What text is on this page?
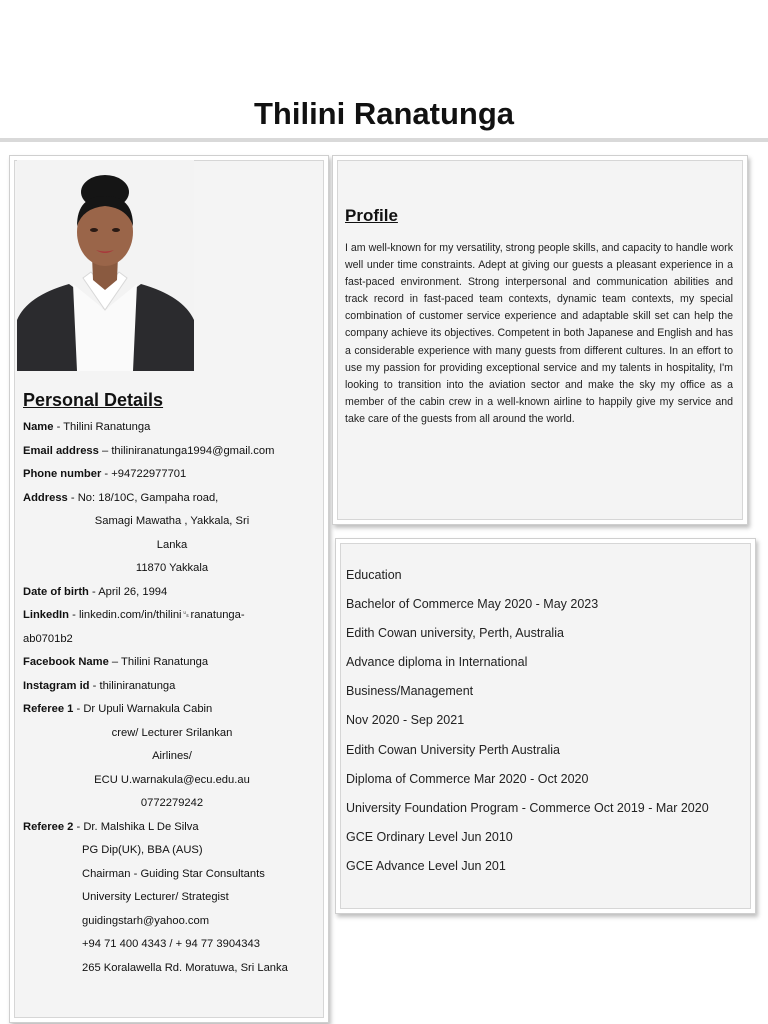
Thilini Ranatunga
Personal Details
Name - Thilini Ranatunga
Email address – thiliniranatunga1994@gmail.com
Phone number - +94722977701
Address - No: 18/10C, Gampaha road,
Samagi Mawatha , Yakkala, Sri
Lanka
11870 Yakkala
Date of birth - April 26, 1994
LinkedIn - linkedin.com/in/thilini␟ranatunga-
ab0701b2
Facebook Name – Thilini Ranatunga
Instagram id - thiliniranatunga
Referee 1 - Dr Upuli Warnakula Cabin
crew/ Lecturer Srilankan
Airlines/
ECU U.warnakula@ecu.edu.au
0772279242
Referee 2 - Dr. Malshika L De Silva
PG Dip(UK), BBA (AUS)
Chairman - Guiding Star Consultants
University Lecturer/ Strategist
guidingstarh@yahoo.com
+94 71 400 4343 / + 94 77 3904343
265 Koralawella Rd. Moratuwa, Sri Lanka
Profile
I am well-known for my versatility, strong people skills, and capacity to handle work well under time constraints. Adept at giving our guests a pleasant experience in a fast-paced environment. Strong interpersonal and communication abilities and track record in fast-paced team contexts, dynamic team contexts, my special combination of customer service experience and adaptable skill set can help the company achieve its objectives. Competent in both Japanese and English and has a considerable experience with many guests from different cultures. In an effort to use my passion for providing exceptional service and my talents in hospitality, I'm looking to transition into the aviation sector and make the sky my office as a member of the cabin crew in a well-known airline to happily give my service and take care of the guests from all around the world.
Education
Bachelor of Commerce May 2020 - May 2023
Edith Cowan university, Perth, Australia
Advance diploma in International
Business/Management
Nov 2020 - Sep 2021
Edith Cowan University Perth Australia
Diploma of Commerce Mar 2020 - Oct 2020
University Foundation Program - Commerce Oct 2019 - Mar 2020
GCE Ordinary Level Jun 2010
GCE Advance Level Jun 201
